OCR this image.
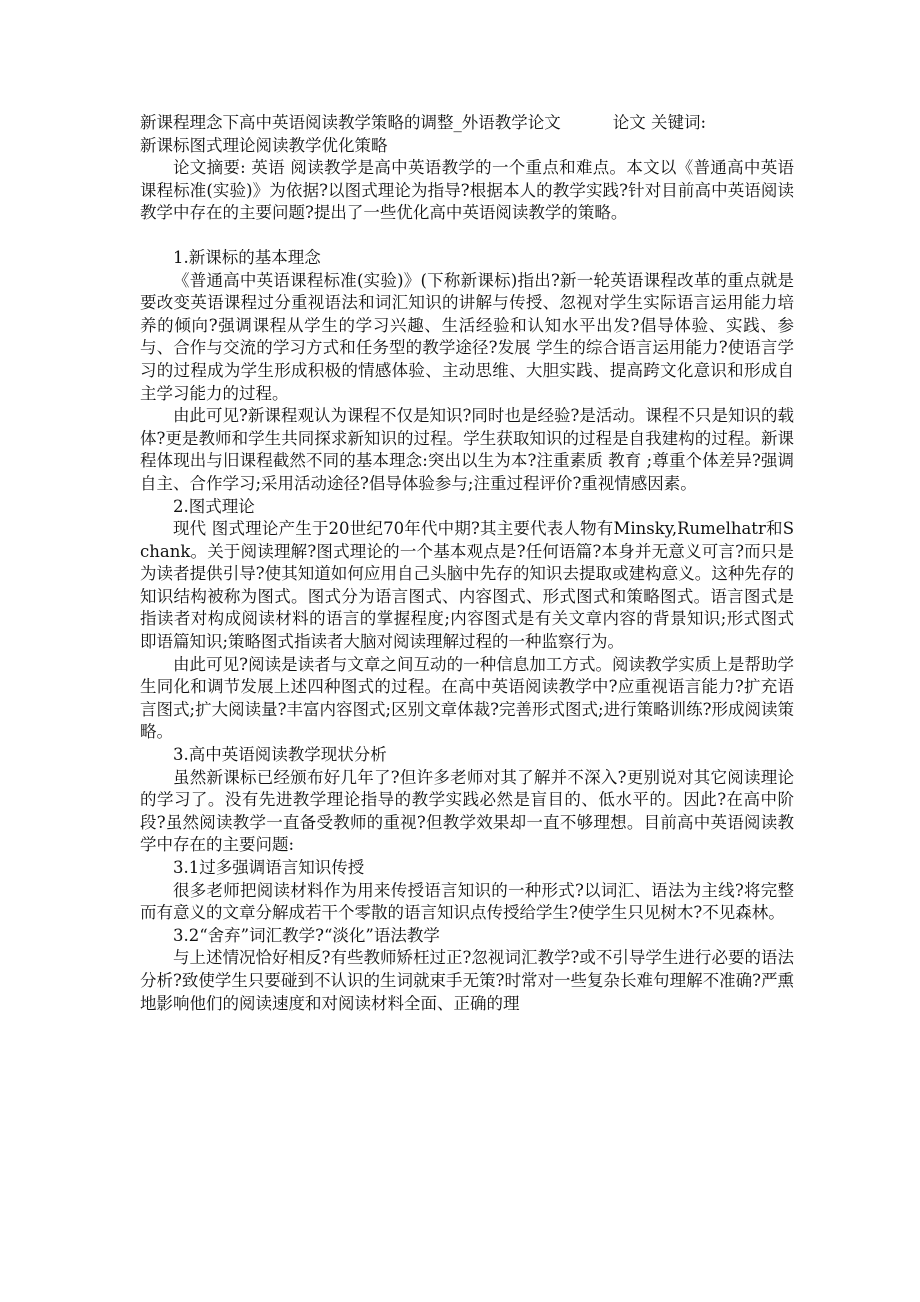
新课程理念下高中英语阅读教学策略的调整_外语教学论文	论文 关键词:
新课标图式理论阅读教学优化策略

论文摘要: 英语 阅读教学是高中英语教学的一个重点和难点。本文以《普通高中英语课程标准(实验)》为依据?以图式理论为指导?根据本人的教学实践?针对目前高中英语阅读教学中存在的主要问题?提出了一些优化高中英语阅读教学的策略。

1.新课标的基本理念

《普通高中英语课程标准(实验)》(下称新课标)指出?新一轮英语课程改革的重点就是要改变英语课程过分重视语法和词汇知识的讲解与传授、忽视对学生实际语言运用能力培养的倾向?强调课程从学生的学习兴趣、生活经验和认知水平出发?倡导体验、实践、参与、合作与交流的学习方式和任务型的教学途径?发展 学生的综合语言运用能力?使语言学习的过程成为学生形成积极的情感体验、主动思维、大胆实践、提高跨文化意识和形成自主学习能力的过程。

由此可见?新课程观认为课程不仅是知识?同时也是经验?是活动。课程不只是知识的载体?更是教师和学生共同探求新知识的过程。学生获取知识的过程是自我建构的过程。新课程体现出与旧课程截然不同的基本理念:突出以生为本?注重素质 教育 ;尊重个体差异?强调自主、合作学习;采用活动途径?倡导体验参与;注重过程评价?重视情感因素。

2.图式理论

现代 图式理论产生于20世纪70年代中期?其主要代表人物有Minsky,Rumelhatr和Schank。关于阅读理解?图式理论的一个基本观点是?任何语篇?本身并无意义可言?而只是为读者提供引导?使其知道如何应用自己头脑中先存的知识去提取或建构意义。这种先存的知识结构被称为图式。图式分为语言图式、内容图式、形式图式和策略图式。语言图式是指读者对构成阅读材料的语言的掌握程度;内容图式是有关文章内容的背景知识;形式图式即语篇知识;策略图式指读者大脑对阅读理解过程的一种监察行为。

由此可见?阅读是读者与文章之间互动的一种信息加工方式。阅读教学实质上是帮助学生同化和调节发展上述四种图式的过程。在高中英语阅读教学中?应重视语言能力?扩充语言图式;扩大阅读量?丰富内容图式;区别文章体裁?完善形式图式;进行策略训练?形成阅读策略。

3.高中英语阅读教学现状分析

虽然新课标已经颁布好几年了?但许多老师对其了解并不深入?更别说对其它阅读理论的学习了。没有先进教学理论指导的教学实践必然是盲目的、低水平的。因此?在高中阶段?虽然阅读教学一直备受教师的重视?但教学效果却一直不够理想。目前高中英语阅读教学中存在的主要问题:

3.1过多强调语言知识传授

很多老师把阅读材料作为用来传授语言知识的一种形式?以词汇、语法为主线?将完整而有意义的文章分解成若干个零散的语言知识点传授给学生?使学生只见树木?不见森林。

3.2“舍弃”词汇教学?“淡化”语法教学

与上述情况恰好相反?有些教师矫枉过正?忽视词汇教学?或不引导学生进行必要的语法分析?致使学生只要碰到不认识的生词就束手无策?时常对一些复杂长难句理解不准确?严熏地影响他们的阅读速度和对阅读材料全面、正确的理
